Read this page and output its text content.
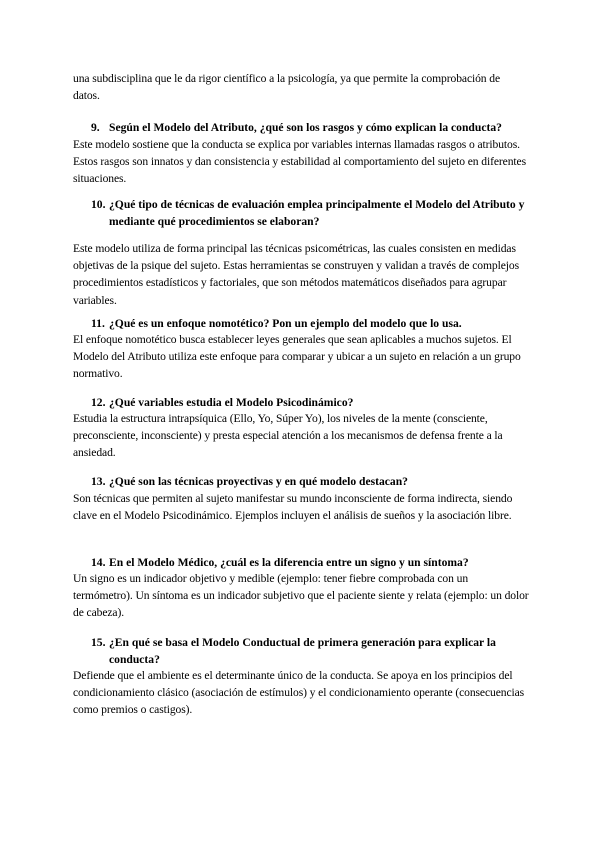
una subdisciplina que le da rigor científico a la psicología, ya que permite la comprobación de datos.
9. Según el Modelo del Atributo, ¿qué son los rasgos y cómo explican la conducta?
Este modelo sostiene que la conducta se explica por variables internas llamadas rasgos o atributos. Estos rasgos son innatos y dan consistencia y estabilidad al comportamiento del sujeto en diferentes situaciones.
10. ¿Qué tipo de técnicas de evaluación emplea principalmente el Modelo del Atributo y mediante qué procedimientos se elaboran?
Este modelo utiliza de forma principal las técnicas psicométricas, las cuales consisten en medidas objetivas de la psique del sujeto. Estas herramientas se construyen y validan a través de complejos procedimientos estadísticos y factoriales, que son métodos matemáticos diseñados para agrupar variables.
11. ¿Qué es un enfoque nomotético? Pon un ejemplo del modelo que lo usa.
El enfoque nomotético busca establecer leyes generales que sean aplicables a muchos sujetos. El Modelo del Atributo utiliza este enfoque para comparar y ubicar a un sujeto en relación a un grupo normativo.
12. ¿Qué variables estudia el Modelo Psicodinámico?
Estudia la estructura intrapsíquica (Ello, Yo, Súper Yo), los niveles de la mente (consciente, preconsciente, inconsciente) y presta especial atención a los mecanismos de defensa frente a la ansiedad.
13. ¿Qué son las técnicas proyectivas y en qué modelo destacan?
Son técnicas que permiten al sujeto manifestar su mundo inconsciente de forma indirecta, siendo clave en el Modelo Psicodinámico. Ejemplos incluyen el análisis de sueños y la asociación libre.
14. En el Modelo Médico, ¿cuál es la diferencia entre un signo y un síntoma?
Un signo es un indicador objetivo y medible (ejemplo: tener fiebre comprobada con un termómetro). Un síntoma es un indicador subjetivo que el paciente siente y relata (ejemplo: un dolor de cabeza).
15. ¿En qué se basa el Modelo Conductual de primera generación para explicar la conducta?
Defiende que el ambiente es el determinante único de la conducta. Se apoya en los principios del condicionamiento clásico (asociación de estímulos) y el condicionamiento operante (consecuencias como premios o castigos).
